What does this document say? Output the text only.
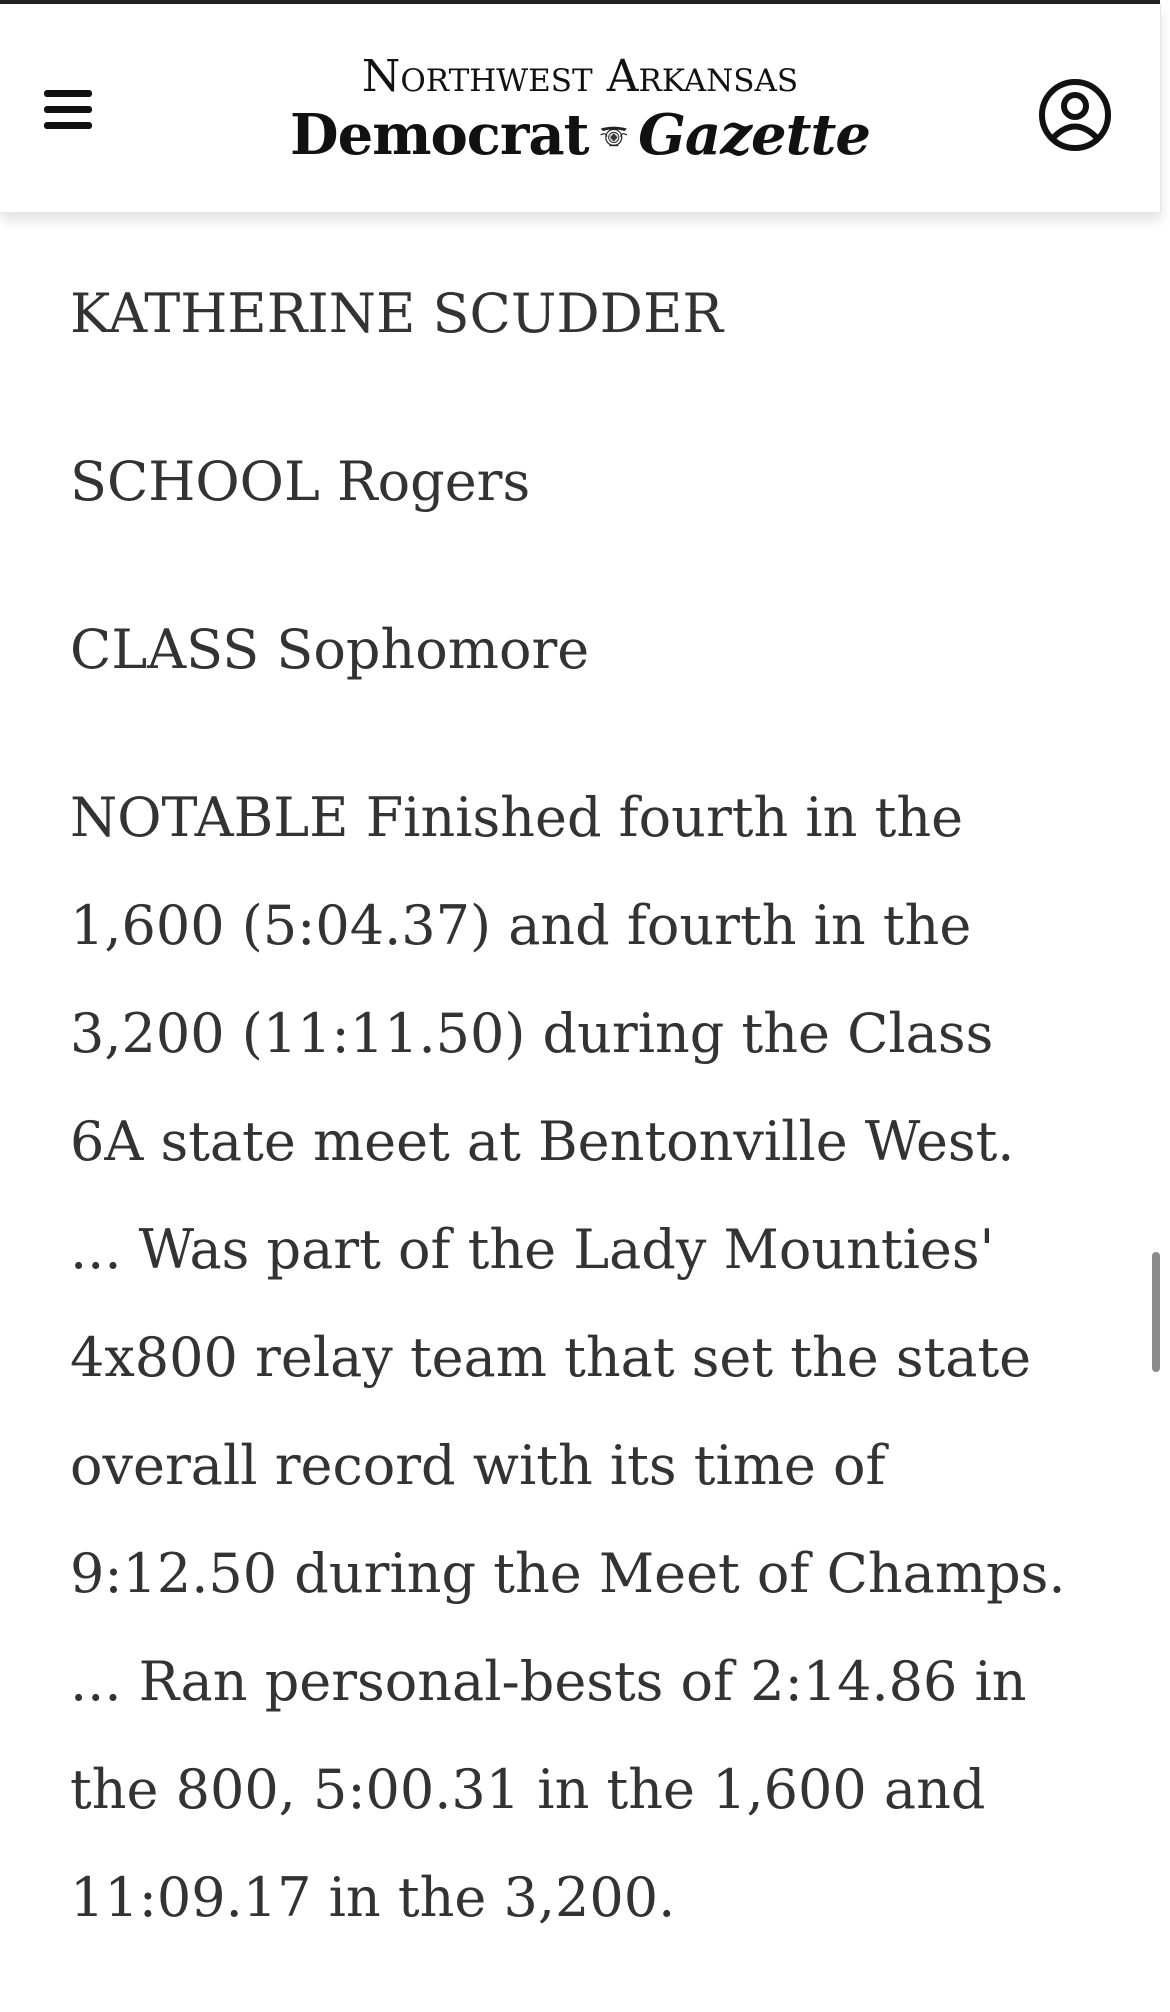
Northwest Arkansas
Democrat Gazette

KATHERINE SCUDDER

SCHOOL Rogers

CLASS Sophomore

NOTABLE Finished fourth in the 1,600 (5:04.37) and fourth in the 3,200 (11:11.50) during the Class 6A state meet at Bentonville West. ... Was part of the Lady Mounties' 4x800 relay team that set the state overall record with its time of 9:12.50 during the Meet of Champs. ... Ran personal-bests of 2:14.86 in the 800, 5:00.31 in the 1,600 and 11:09.17 in the 3,200.
